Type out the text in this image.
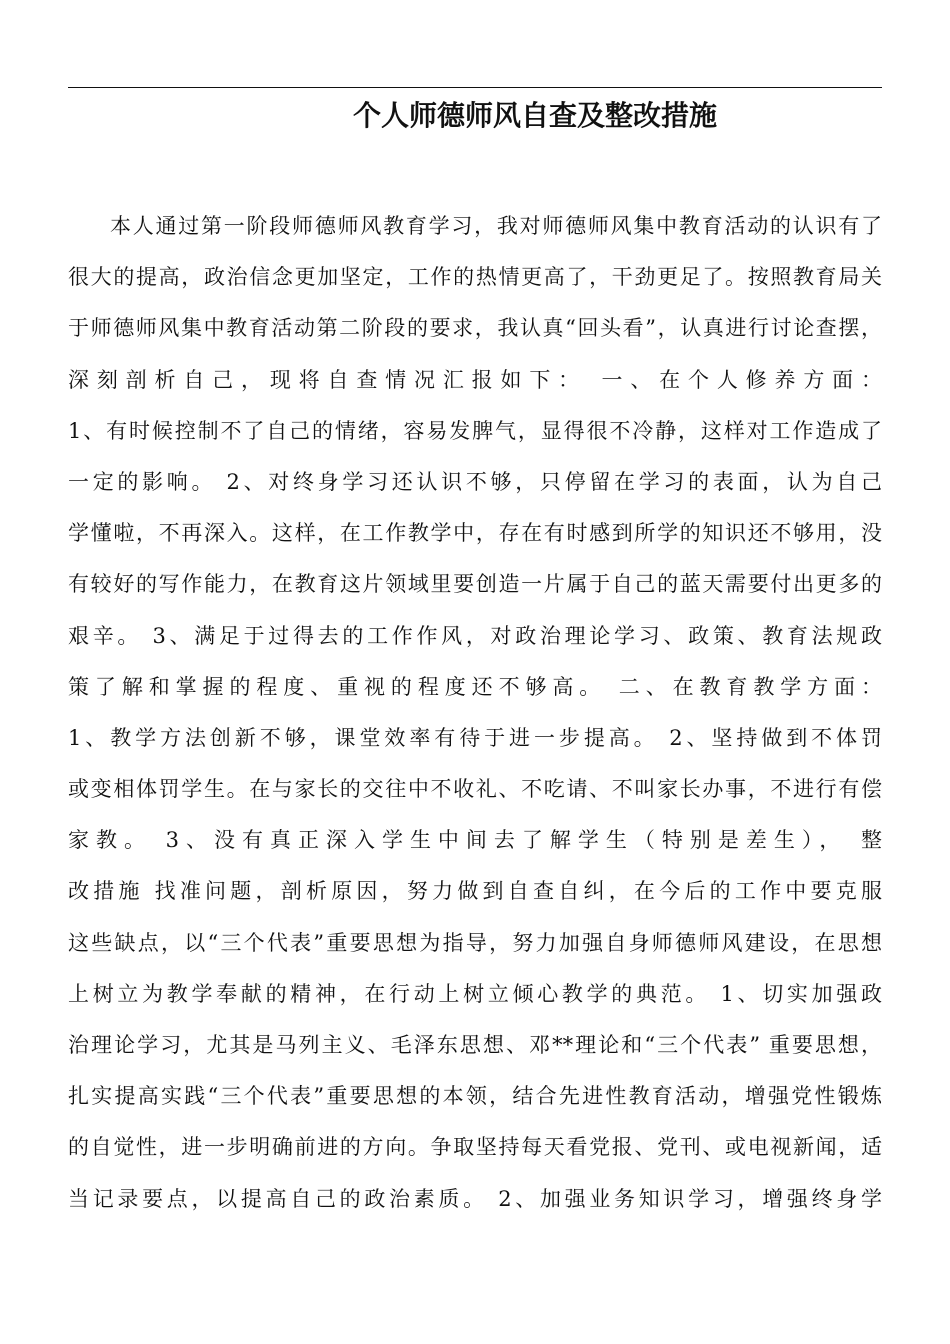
个人师德师风自查及整改措施
本人通过第一阶段师德师风教育学习，我对师德师风集中教育活动的认识有了
很大的提高，政治信念更加坚定，工作的热情更高了，干劲更足了。按照教育局关
于师德师风集中教育活动第二阶段的要求，我认真“回头看”，认真进行讨论查摆，
深刻剖析自己，现将自查情况汇报如下： 一、在个人修养方面：
1、有时候控制不了自己的情绪，容易发脾气，显得很不冷静，这样对工作造成了
一定的影响。 2、对终身学习还认识不够，只停留在学习的表面，认为自己
学懂啦，不再深入。这样，在工作教学中，存在有时感到所学的知识还不够用，没
有较好的写作能力，在教育这片领域里要创造一片属于自己的蓝天需要付出更多的
艰辛。 3、满足于过得去的工作作风，对政治理论学习、政策、教育法规政
策了解和掌握的程度、重视的程度还不够高。 二、在教育教学方面：
1、教学方法创新不够，课堂效率有待于进一步提高。 2、坚持做到不体罚
或变相体罚学生。在与家长的交往中不收礼、不吃请、不叫家长办事，不进行有偿
家教。 3、没有真正深入学生中间去了解学生（特别是差生）， 整
改措施 找准问题，剖析原因，努力做到自查自纠，在今后的工作中要克服
这些缺点，以“三个代表”重要思想为指导，努力加强自身师德师风建设，在思想
上树立为教学奉献的精神，在行动上树立倾心教学的典范。 1、切实加强政
治理论学习，尤其是马列主义、毛泽东思想、邓**理论和“三个代表” 重要思想，
扎实提高实践“三个代表”重要思想的本领，结合先进性教育活动，增强党性锻炼
的自觉性，进一步明确前进的方向。争取坚持每天看党报、党刊、或电视新闻，适
当记录要点，以提高自己的政治素质。 2、加强业务知识学习，增强终身学
